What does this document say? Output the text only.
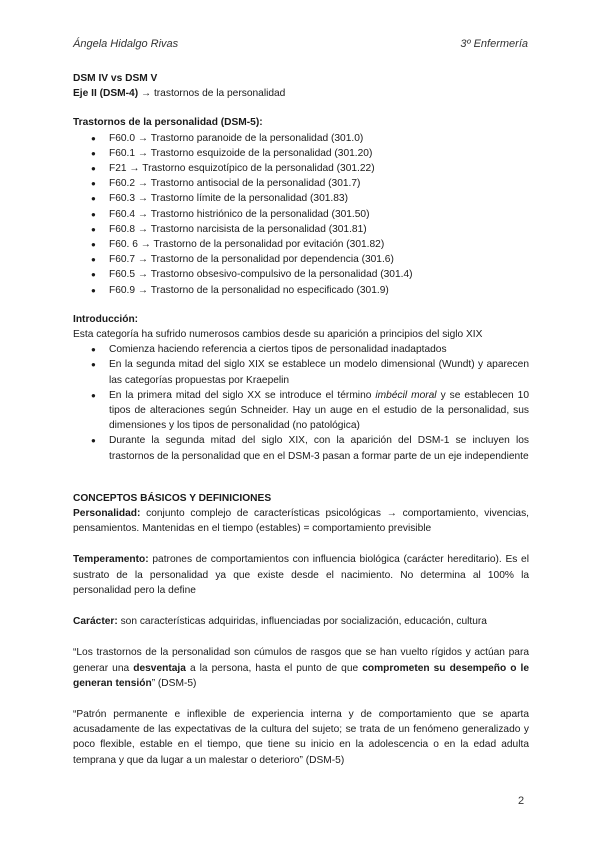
Ángela Hidalgo Rivas	3º Enfermería

DSM IV vs DSM V

Eje II (DSM-4) → trastornos de la personalidad

Trastornos de la personalidad (DSM-5):

● F60.0 → Trastorno paranoide de la personalidad (301.0)
● F60.1 → Trastorno esquizoide de la personalidad (301.20)
● F21 → Trastorno esquizotípico de la personalidad (301.22)
● F60.2 → Trastorno antisocial de la personalidad (301.7)
● F60.3 → Trastorno límite de la personalidad (301.83)
● F60.4 → Trastorno histriónico de la personalidad (301.50)
● F60.8 → Trastorno narcisista de la personalidad (301.81)
● F60. 6 → Trastorno de la personalidad por evitación (301.82)
● F60.7 → Trastorno de la personalidad por dependencia (301.6)
● F60.5 → Trastorno obsesivo-compulsivo de la personalidad (301.4)
● F60.9 → Trastorno de la personalidad no especificado (301.9)

Introducción:

Esta categoría ha sufrido numerosos cambios desde su aparición a principios del siglo XIX

● Comienza haciendo referencia a ciertos tipos de personalidad inadaptados
● En la segunda mitad del siglo XIX se establece un modelo dimensional (Wundt) y aparecen las categorías propuestas por Kraepelin
● En la primera mitad del siglo XX se introduce el término imbécil moral y se establecen 10 tipos de alteraciones según Schneider. Hay un auge en el estudio de la personalidad, sus dimensiones y los tipos de personalidad (no patológica)
● Durante la segunda mitad del siglo XIX, con la aparición del DSM-1 se incluyen los trastornos de la personalidad que en el DSM-3 pasan a formar parte de un eje independiente

CONCEPTOS BÁSICOS Y DEFINICIONES

Personalidad: conjunto complejo de características psicológicas → comportamiento, vivencias, pensamientos. Mantenidas en el tiempo (estables) = comportamiento previsible

Temperamento: patrones de comportamientos con influencia biológica (carácter hereditario). Es el sustrato de la personalidad ya que existe desde el nacimiento. No determina al 100% la personalidad pero la define

Carácter: son características adquiridas, influenciadas por socialización, educación, cultura

“Los trastornos de la personalidad son cúmulos de rasgos que se han vuelto rígidos y actúan para generar una desventaja a la persona, hasta el punto de que comprometen su desempeño o le generan tensión” (DSM-5)

“Patrón permanente e inflexible de experiencia interna y de comportamiento que se aparta acusadamente de las expectativas de la cultura del sujeto; se trata de un fenómeno generalizado y poco flexible, estable en el tiempo, que tiene su inicio en la adolescencia o en la edad adulta temprana y que da lugar a un malestar o deterioro” (DSM-5)

2
